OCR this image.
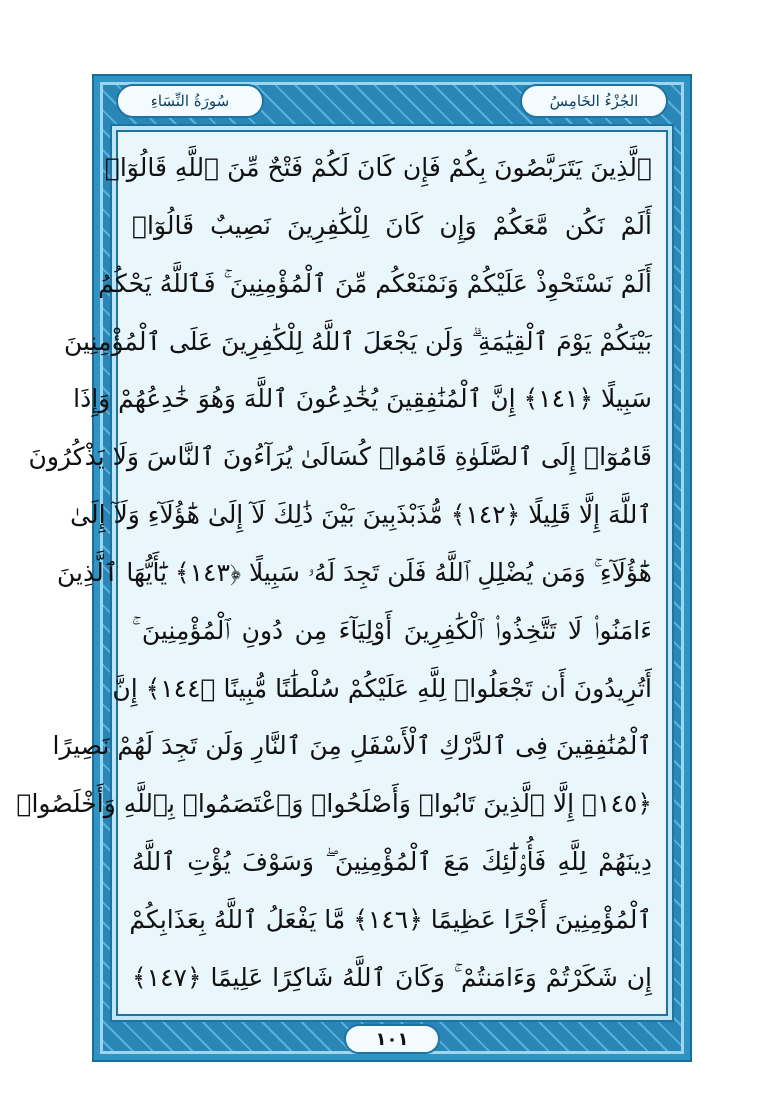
الجُزْءُ الخَامِسُ
سُورَةُ النِّسَاءِ
ٱلَّذِينَ يَتَرَبَّصُونَ بِكُمْ فَإِن كَانَ لَكُمْ فَتْحٌ مِّنَ ٱللَّهِ قَالُوٓا۟
أَلَمْ نَكُن مَّعَكُمْ وَإِن كَانَ لِلْكَٰفِرِينَ نَصِيبٌ قَالُوٓا۟
أَلَمْ نَسْتَحْوِذْ عَلَيْكُمْ وَنَمْنَعْكُم مِّنَ ٱلْمُؤْمِنِينَ ۚ فَٱللَّهُ يَحْكُمُ
بَيْنَكُمْ يَوْمَ ٱلْقِيَٰمَةِ ۗ وَلَن يَجْعَلَ ٱللَّهُ لِلْكَٰفِرِينَ عَلَى ٱلْمُؤْمِنِينَ
سَبِيلًا ﴿١٤١﴾ إِنَّ ٱلْمُنَٰفِقِينَ يُخَٰدِعُونَ ٱللَّهَ وَهُوَ خَٰدِعُهُمْ وَإِذَا
قَامُوٓا۟ إِلَى ٱلصَّلَوٰةِ قَامُوا۟ كُسَالَىٰ يُرَآءُونَ ٱلنَّاسَ وَلَا يَذْكُرُونَ
ٱللَّهَ إِلَّا قَلِيلًا ﴿١٤٢﴾ مُّذَبْذَبِينَ بَيْنَ ذَٰلِكَ لَآ إِلَىٰ هَٰٓؤُلَآءِ وَلَآ إِلَىٰ
هَٰٓؤُلَآءِ ۚ وَمَن يُضْلِلِ ٱللَّهُ فَلَن تَجِدَ لَهُۥ سَبِيلًا ﴿١٤٣﴾ يَٰٓأَيُّهَا ٱلَّذِينَ
ءَامَنُوا۟ لَا تَتَّخِذُوا۟ ٱلْكَٰفِرِينَ أَوْلِيَآءَ مِن دُونِ ٱلْمُؤْمِنِينَ ۚ
أَتُرِيدُونَ أَن تَجْعَلُوا۟ لِلَّهِ عَلَيْكُمْ سُلْطَٰنًا مُّبِينًا ﴿١٤٤﴾ إِنَّ
ٱلْمُنَٰفِقِينَ فِى ٱلدَّرْكِ ٱلْأَسْفَلِ مِنَ ٱلنَّارِ وَلَن تَجِدَ لَهُمْ نَصِيرًا
﴿١٤٥﴾ إِلَّا ٱلَّذِينَ تَابُوا۟ وَأَصْلَحُوا۟ وَٱعْتَصَمُوا۟ بِٱللَّهِ وَأَخْلَصُوا۟
دِينَهُمْ لِلَّهِ فَأُو۟لَٰٓئِكَ مَعَ ٱلْمُؤْمِنِينَ ۖ وَسَوْفَ يُؤْتِ ٱللَّهُ
ٱلْمُؤْمِنِينَ أَجْرًا عَظِيمًا ﴿١٤٦﴾ مَّا يَفْعَلُ ٱللَّهُ بِعَذَابِكُمْ
إِن شَكَرْتُمْ وَءَامَنتُمْ ۚ وَكَانَ ٱللَّهُ شَاكِرًا عَلِيمًا ﴿١٤٧﴾
١٠١
